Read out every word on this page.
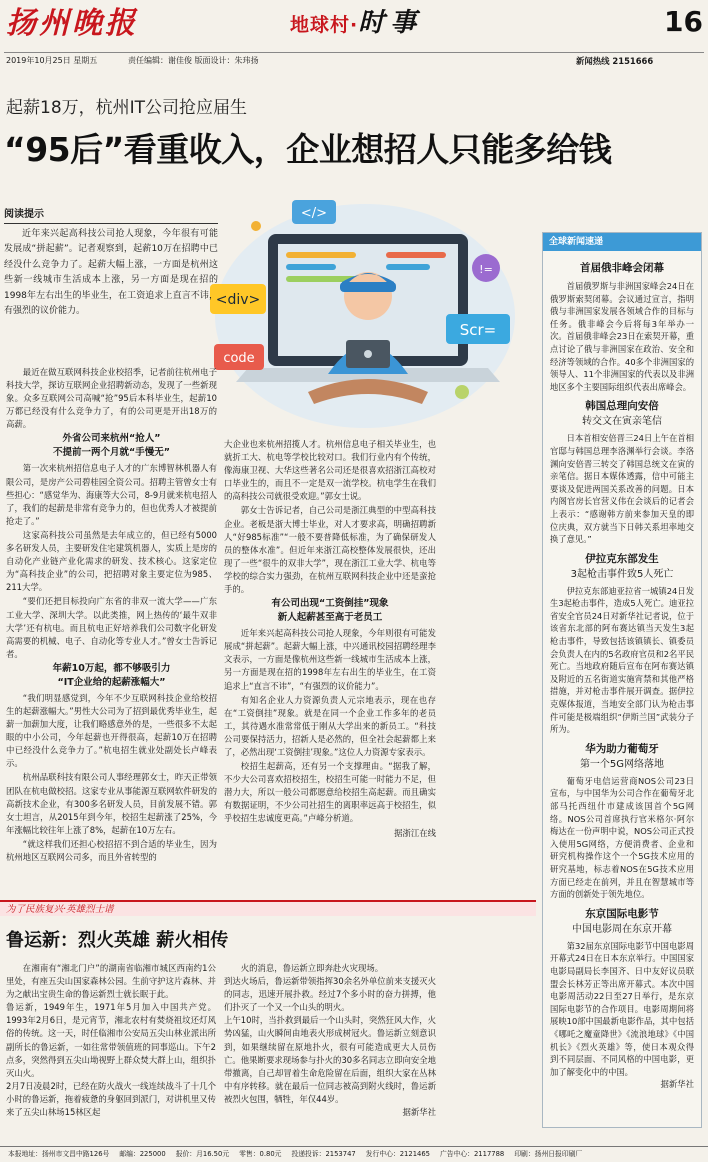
扬州晚报	地球村·时事	16
2019年10月25日 星期五	责任编辑：谢佳俊 版面设计：朱玮扬	新闻热线 2151666
起薪18万，杭州IT公司抢应届生
“95后”看重收入，企业想招人只能多给钱
</>
<div>
code
Scr=
!=
阅读提示
近年来兴起高科技公司抢人现象，今年很有可能发展成“拼起薪”。记者观察到，起薪10万在招聘中已经没什么竞争力了。起薪大幅上涨，一方面是杭州这些新一线城市生活成本上涨，另一方面是现在招的1998年左右出生的毕业生，在工资追求上直言不讳，有强烈的议价能力。

最近在做互联网科技企业校招季，记者前往杭州电子科技大学，探访互联网企业招聘新动态，发现了一些新现象。众多互联网公司高喊“抢”95后本科毕业生，起薪10万都已经没有什么竞争力了，有的公司更是开出18万的高薪。

外省公司来杭州“抢人”
不提前一两个月就“手慢无”

第一次来杭州招信息电子人才的广东博智林机器人有限公司，是房产公司碧桂园全资公司。招聘主管曾女士有些担心：“感觉华为、海康等大公司，8-9月就来杭电招人了，我们的起薪是非常有竞争力的，但也优秀人才被提前抢走了。”

这家高科技公司虽然是去年成立的，但已经有5000多名研发人员，主要研发住宅建筑机器人，实质上是房的自动化产业链产业化需求的研发、技术核心。这家定位为“高科技企业”的公司，把招聘对象主要定位为985、211大学。

“要们还把目标投向广东省的非双一流大学——广东工业大学、深圳大学。以此类推，网上热传的‘最牛双非大学’还有杭电。而且杭电正好培养我们公司数字化研发高需要的机械、电子、自动化等专业人才。”曾女士告诉记者。

年薪10万起，都不够吸引力
“IT企业给的起薪涨幅大”

“我们明显感觉到，今年不少互联网科技企业给校招生的起薪涨幅大。”男性大公司为了招到最优秀毕业生，起薪一加薪加大度，让我们略感意外的是，一些很多不太起眼的中小公司，今年起薪也开得很高，起薪10万在招聘中已经没什么竞争力了。”杭电招生就业处副处长卢峰表示。

杭州品联科技有限公司人事经理郭女士，昨天正带领团队在杭电做校招。这家专业从事能源互联网软件研发的高新技术企业，有300多名研发人员，目前发展不错。郭女士坦言，从2015年到今年，校招生起薪涨了25%，今年涨幅比较往年上涨了8%，起薪在10万左右。

“就这样我们还担心校招招不到合适的毕业生，因为杭州地区互联网公司多，而且外省转型的

大企业也来杭州招揽人才。杭州信息电子相关毕业生，也就折工大、杭电等学校比较对口。我们行业内有个传统，像海康卫视、大华这些著名公司还是很喜欢招浙江高校对口毕业生的，而且不一定是双一流学校。杭电学生在我们的高科技公司就很受欢迎。”郭女士说。

郭女士告诉记者，自己公司是浙江典型的中型高科技企业。老板是浙大博士毕业，对人才要求高，明确招聘新人“好985标准”“一般不要普降低标准，为了确保研发人员的整体水准”。但近年来浙江高校整体发展很快，还出现了一些“很牛的双非大学”，现在浙江工业大学、杭电等学校的综合实力强劲，在杭州互联网科技企业中还是蛮抢手的。

有公司出现“工资倒挂”现象
新人起薪甚至高于老员工

近年来兴起高科技公司抢人现象，今年则很有可能发展成“拼起薪”。起薪大幅上涨，中兴通讯校园招聘经理李文表示，一方面是像杭州这些新一线城市生活成本上涨，另一方面是现在招的1998年左右出生的毕业生，在工资追求上“直言不讳”，“有强烈的议价能力”。

有知名企业人力资源负责人元宗地表示，现在也存在“工资倒挂”现象。就是在同一个企业工作多年的老员工，其待遇水准常常低于刚从大学出来的新员工。“科技公司要保持活力，招新人是必然的，但全社会起薪都上来了，必然出现‘工资倒挂’现象。”这位人力资源专家表示。

校招生起薪高，还有另一个支撑理由。“据我了解，不少大公司喜欢招校招生，校招生可能一时能力不足，但潜力大，所以一般公司都愿意给校招生高起薪。而且确实有数据证明，不少公司社招生的离职率远高于校招生，似乎校招生忠诚度更高。”卢峰分析道。

据浙江在线
全球新闻速递
首届俄非峰会闭幕
首届俄罗斯与非洲国家峰会24日在俄罗斯索契闭幕。会议通过宣言，指明俄与非洲国家发展各领域合作的目标与任务。俄非峰会今后将每3年举办一次。首届俄非峰会23日在索契开幕，重点讨论了俄与非洲国家在政治、安全和经济等领域的合作。40多个非洲国家的领导人、11个非洲国家的代表以及非洲地区多个主要国际组织代表出席峰会。
韩国总理向安倍
转交文在寅亲笔信
日本首相安倍晋三24日上午在首相官邸与韩国总理李洛渊举行会谈。李洛渊向安倍晋三转交了韩国总统文在寅的亲笔信。据日本媒体透露，信中可能主要谈及促进两国关系改善的问题。日本内阁官房长官营义伟在会谈后的记者会上表示：“感谢韩方前来参加天皇的即位庆典，双方就当下日韩关系坦率地交换了意见。”
伊拉克东部发生
3起枪击事件致5人死亡
伊拉克东部迪亚拉省一城镇24日发生3起枪击事件，造成5人死亡。迪亚拉省安全官员24日对新华社记者说，位于该省东北部的阿布赛达镇当天发生3起枪击事件，导致包括该镇镇长、镇委员会负责人在内的5名政府官员和2名平民死亡。当地政府随后宣布在阿布赛达镇及附近的五名街道实施宵禁和其他严格措施，并对枪击事件展开调查。据伊拉克媒体报道，当地安全部门认为枪击事件可能是极端组织“伊斯兰国”武装分子所为。
华为助力葡萄牙
第一个5G网络落地
葡萄牙电信运营商NOS公司23日宣布，与中国华为公司合作在葡萄牙北部马托西纽什市建成该国首个5G网络。NOS公司首席执行官米格尔·阿尔梅达在一份声明中说，NOS公司正式投入使用5G网络，方便消费者、企业和研究机构操作这个一个5G技术应用的研究基地，标志着NOS在5G技术应用方面已经走在前列，并且在智慧城市等方面的创新处于领先地位。
东京国际电影节
中国电影周在东京开幕
第32届东京国际电影节中国电影周开幕式24日在日本东京举行。中国国家电影局副局长李国齐、日中友好议员联盟会长林芳正等出席开幕式。本次中国电影周活动22日至27日举行，是东京国际电影节的合作项目。电影周期间将展映10部中国最新电影作品，其中包括《哪吒之魔童降世》《流浪地球》《中国机长》《烈火英雄》等，使日本观众得到不同层面、不同风格的中国电影，更加了解变化中的中国。
据新华社
为了民族复兴·英雄烈士谱
鲁运新：烈火英雄 薪火相传
在湘南有“湘北门户”的湖南省临湘市城区西南约1公里处，有座五尖山国家森林公园。生前守护这片森林、并为之献出宝贵生命的鲁运新烈士就长眠于此。
鲁运新，1949年生，1971年5月加入中国共产党。1993年2月6日，是元宵节，湘北农村有焚烧祖坟还灯风俗的传统。这一天，时任临湘市公安局五尖山林业派出所副所长的鲁运新，一如往常带领值班的同事巡山。下午2点多，突然得到五尖山坳视野上群众焚大群上山，组织扑灭山火。
2月7日凌晨2时，已经在防火战火一线连续战斗了十几个小时的鲁运新，拖着疲惫的身躯回到派门，对讲机里又传来了五尖山林场15林区起
火的消息，鲁运新立即奔赴火灾现场。
到达火场后，鲁运新带领指挥30余名外单位前来支援灭火的同志，迅速开展扑救。经过7个多小时的奋力拼搏，他们扑灭了一个又一个山头的明火。
上午10时，当扑救到最后一个山头时，突然狂风大作，火势凶猛，山火瞬间由地表火形成树冠火。鲁运新立刻意识到，如果继续留在原地扑火，很有可能造成更大人员伤亡。他果断要求现场参与扑火的30多名同志立即向安全地带撤离，自己却冒着生命危险留在后面，组织大家在丛林中有序转移。就在最后一位同志被高到附火线时，鲁运新被烈火包围，牺牲，年仅44岁。
据新华社
本报地址：扬州市文昌中路126号 邮编：225000 报价：月16.50元 零售：0.80元 投递投诉：2153747 发行中心：2121465 广告中心：2117788 印刷：扬州日报印刷厂
